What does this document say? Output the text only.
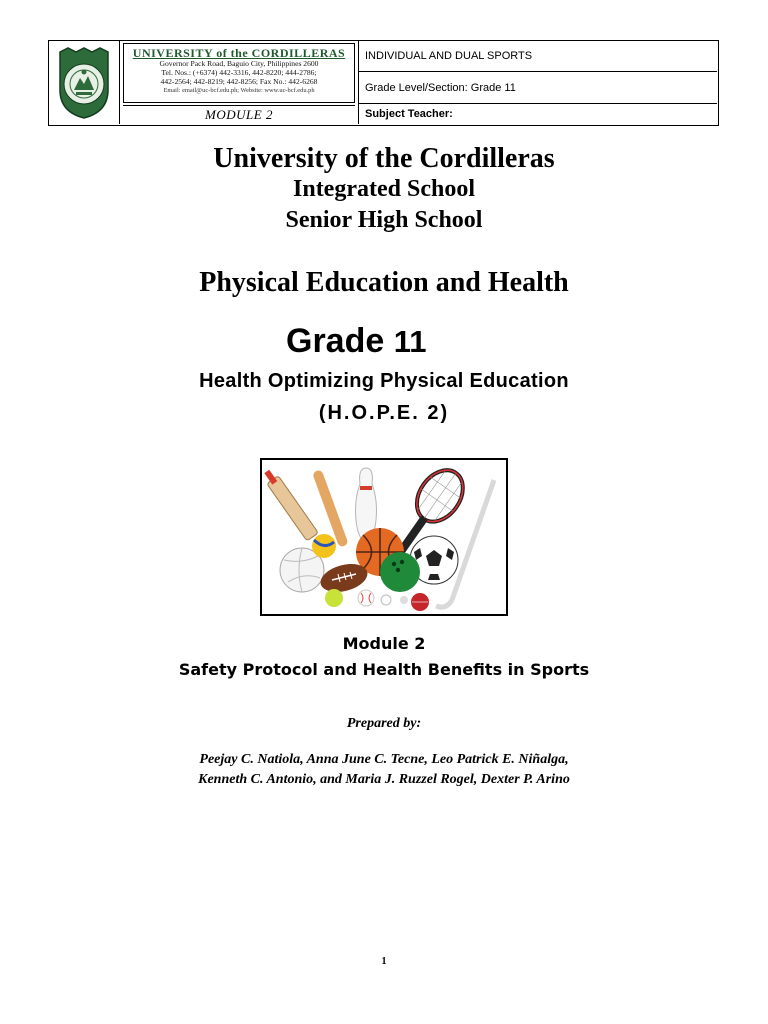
UNIVERSITY of the CORDILLERAS
Governor Pack Road, Baguio City, Philippines 2600
Tel. Nos.: (+6374) 442-3316, 442-8220; 444-2786;
442-2564; 442-8219; 442-8256; Fax No.: 442-6268
Email: email@uc-bcf.edu.ph; Website: www.uc-bcf.edu.ph
MODULE 2
INDIVIDUAL AND DUAL SPORTS
Grade Level/Section: Grade 11
Subject Teacher:
University of the Cordilleras
Integrated School
Senior High School
Physical Education and Health
Grade 11
Health Optimizing Physical Education
(H.O.P.E. 2)
Module 2
Safety Protocol and Health Benefits in Sports
Prepared by:
Peejay C. Natiola, Anna June C. Tecne, Leo Patrick E. Niñalga,
Kenneth C. Antonio, and Maria J. Ruzzel Rogel, Dexter P. Arino
1
